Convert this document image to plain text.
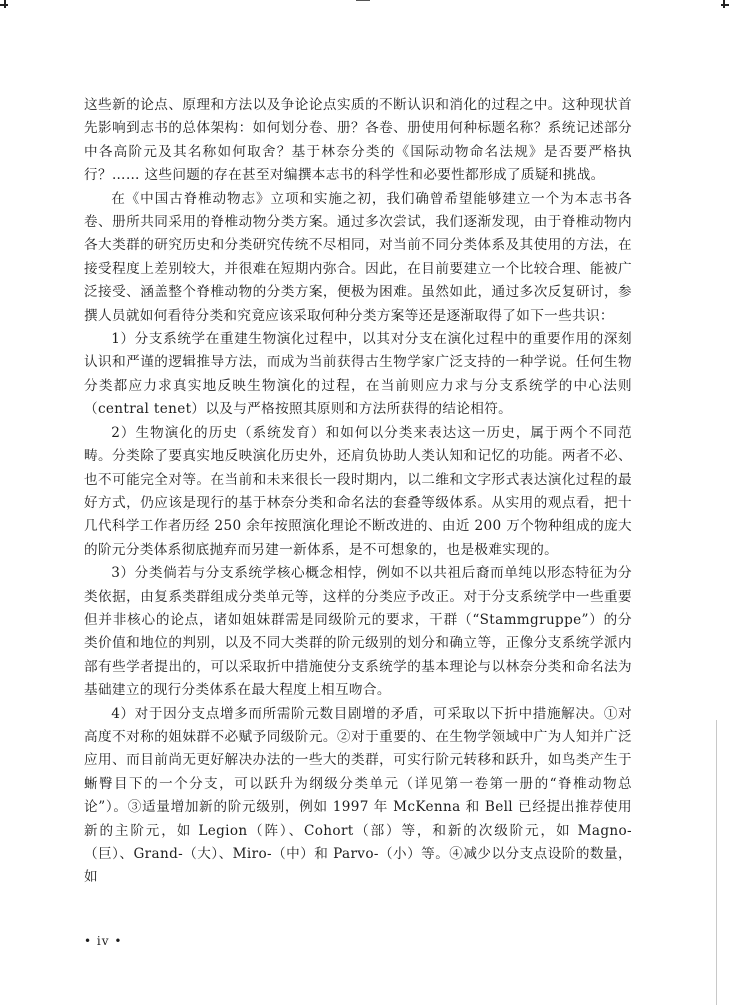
这些新的论点、原理和方法以及争论论点实质的不断认识和消化的过程之中。这种现状首先影响到志书的总体架构：如何划分卷、册？各卷、册使用何种标题名称？系统记述部分中各高阶元及其名称如何取舍？基于林奈分类的《国际动物命名法规》是否要严格执行？…… 这些问题的存在甚至对编撰本志书的科学性和必要性都形成了质疑和挑战。

在《中国古脊椎动物志》立项和实施之初，我们确曾希望能够建立一个为本志书各卷、册所共同采用的脊椎动物分类方案。通过多次尝试，我们逐渐发现，由于脊椎动物内各大类群的研究历史和分类研究传统不尽相同，对当前不同分类体系及其使用的方法，在接受程度上差别较大，并很难在短期内弥合。因此，在目前要建立一个比较合理、能被广泛接受、涵盖整个脊椎动物的分类方案，便极为困难。虽然如此，通过多次反复研讨，参撰人员就如何看待分类和究竟应该采取何种分类方案等还是逐渐取得了如下一些共识：

1）分支系统学在重建生物演化过程中，以其对分支在演化过程中的重要作用的深刻认识和严谨的逻辑推导方法，而成为当前获得古生物学家广泛支持的一种学说。任何生物分类都应力求真实地反映生物演化的过程，在当前则应力求与分支系统学的中心法则（central tenet）以及与严格按照其原则和方法所获得的结论相符。

2）生物演化的历史（系统发育）和如何以分类来表达这一历史，属于两个不同范畴。分类除了要真实地反映演化历史外，还肩负协助人类认知和记忆的功能。两者不必、也不可能完全对等。在当前和未来很长一段时期内，以二维和文字形式表达演化过程的最好方式，仍应该是现行的基于林奈分类和命名法的套叠等级体系。从实用的观点看，把十几代科学工作者历经 250 余年按照演化理论不断改进的、由近 200 万个物种组成的庞大的阶元分类体系彻底抛弃而另建一新体系，是不可想象的，也是极难实现的。

3）分类倘若与分支系统学核心概念相悖，例如不以共祖后裔而单纯以形态特征为分类依据，由复系类群组成分类单元等，这样的分类应予改正。对于分支系统学中一些重要但并非核心的论点，诸如姐妹群需是同级阶元的要求，干群（“Stammgruppe”）的分类价值和地位的判别，以及不同大类群的阶元级别的划分和确立等，正像分支系统学派内部有些学者提出的，可以采取折中措施使分支系统学的基本理论与以林奈分类和命名法为基础建立的现行分类体系在最大程度上相互吻合。

4）对于因分支点增多而所需阶元数目剧增的矛盾，可采取以下折中措施解决。①对高度不对称的姐妹群不必赋予同级阶元。②对于重要的、在生物学领域中广为人知并广泛应用、而目前尚无更好解决办法的一些大的类群，可实行阶元转移和跃升，如鸟类产生于蜥臀目下的一个分支，可以跃升为纲级分类单元（详见第一卷第一册的“脊椎动物总论”）。③适量增加新的阶元级别，例如 1997 年 McKenna 和 Bell 已经提出推荐使用新的主阶元，如 Legion（阵）、Cohort（部）等，和新的次级阶元，如 Magno-（巨）、Grand-（大）、Miro-（中）和 Parvo-（小）等。④减少以分支点设阶的数量，如

• iv •
